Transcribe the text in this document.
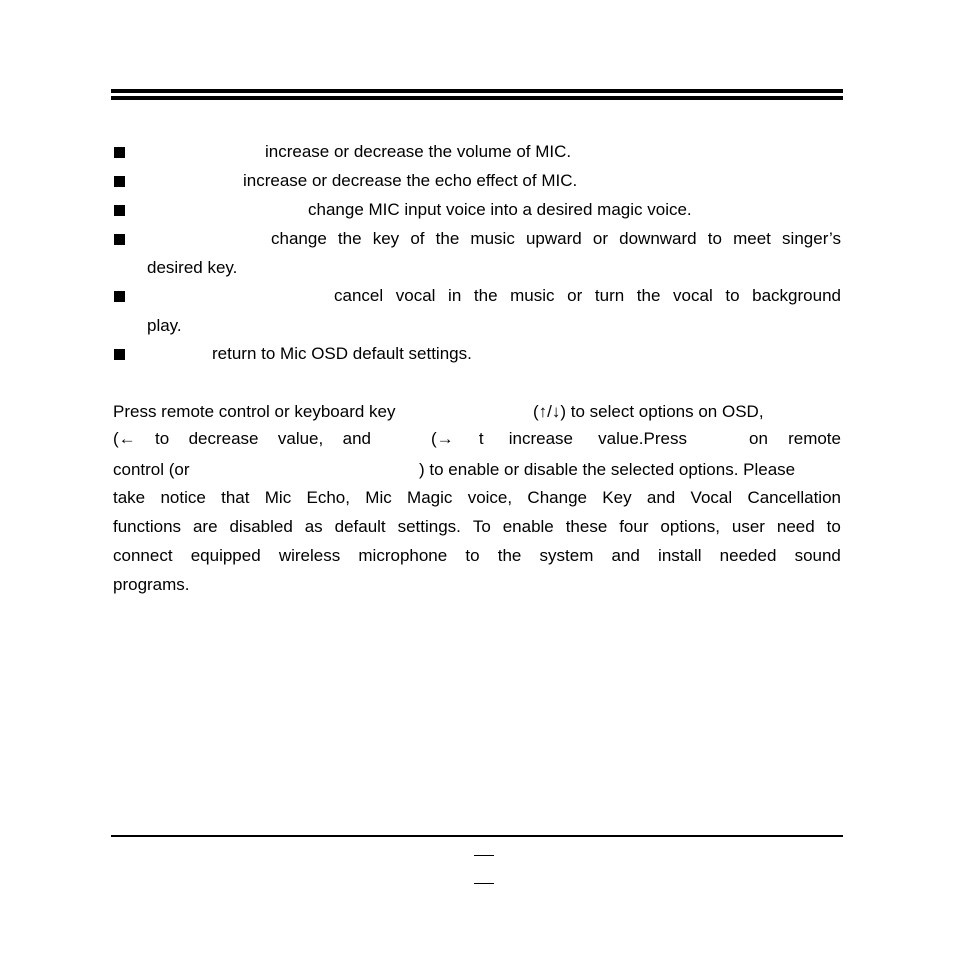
increase or decrease the volume of MIC.
increase or decrease the echo effect of MIC.
change MIC input voice into a desired magic voice.
change the key of the music upward or downward to meet singer’s
desired key.
cancel vocal in the music or turn the vocal to background
play.
return to Mic OSD default settings.
Press remote control or keyboard key	(↑/↓) to select options on OSD,
(← to decrease value, and	(→ t increase value.Press	on remote
control (or	) to enable or disable the selected options. Please
take notice that Mic Echo, Mic Magic voice, Change Key and Vocal Cancellation
functions are disabled as default settings. To enable these four options, user need to
connect equipped wireless microphone to the system and install needed sound
programs.
